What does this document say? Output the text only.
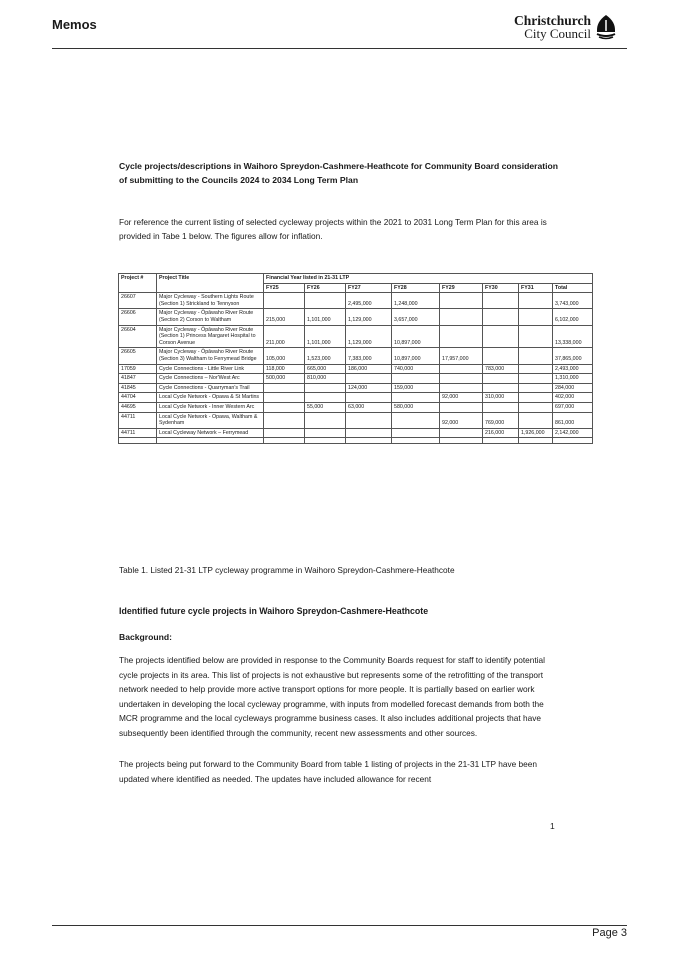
Memos	Christchurch
City Council
Cycle projects/descriptions in Waihoro Spreydon-Cashmere-Heathcote for Community Board consideration of submitting to the Councils 2024 to 2034 Long Term Plan
For reference the current listing of selected cycleway projects within the 2021 to 2031 Long Term Plan for this area is provided in Tabe 1 below. The figures allow for inflation.
Project #	Project Title	Financial Year listed in 21-31 LTP							
		FY25	FY26	FY27	FY28	FY29	FY30	FY31	Total
26607	Major Cycleway - Southern Lights Route (Section 1) Strickland to Tennyson			2,495,000	1,248,000				3,743,000
26606	Major Cycleway - Ōpāwaho River Route (Section 2) Corson to Waltham	215,000	1,101,000	1,129,000	3,657,000				6,102,000
26604	Major Cycleway - Ōpāwaho River Route (Section 1) Princess Margaret Hospital to Corson Avenue	211,000	1,101,000	1,129,000	10,897,000				13,338,000
26605	Major Cycleway - Ōpāwaho River Route (Section 3) Waltham to Ferrymead Bridge	105,000	1,523,000	7,383,000	10,897,000	17,957,000			37,865,000
17059	Cycle Connections - Little River Link	118,000	665,000	186,000	740,000		783,000		2,493,000
41847	Cycle Connections – Nor'West Arc	500,000	810,000						1,310,000
41845	Cycle Connections - Quarryman's Trail			124,000	159,000				284,000
44704	Local Cycle Network - Opawa & St Martins					92,000	310,000		402,000
44695	Local Cycle Network - Inner Western Arc		55,000	63,000	580,000				697,000
44711	Local Cycle Network - Opawa, Waltham & Sydenham					92,000	769,000		861,000
44711	Local Cycleway Network – Ferrymead						216,000	1,926,000	2,142,000

Table 1. Listed 21-31 LTP cycleway programme in Waihoro Spreydon-Cashmere-Heathcote
Identified future cycle projects in Waihoro Spreydon-Cashmere-Heathcote
Background:
The projects identified below are provided in response to the Community Boards request for staff to identify potential cycle projects in its area. This list of projects is not exhaustive but represents some of the retrofitting of the transport network needed to help provide more active transport options for more people. It is partially based on earlier work undertaken in developing the local cycleway programme, with inputs from modelled forecast demands from both the MCR programme and the local cycleways programme business cases. It also includes additional projects that have subsequently been identified through the community, recent new assessments and other sources.
The projects being put forward to the Community Board from table 1 listing of projects in the 21-31 LTP have been updated where identified as needed. The updates have included allowance for recent
1
Page 3
